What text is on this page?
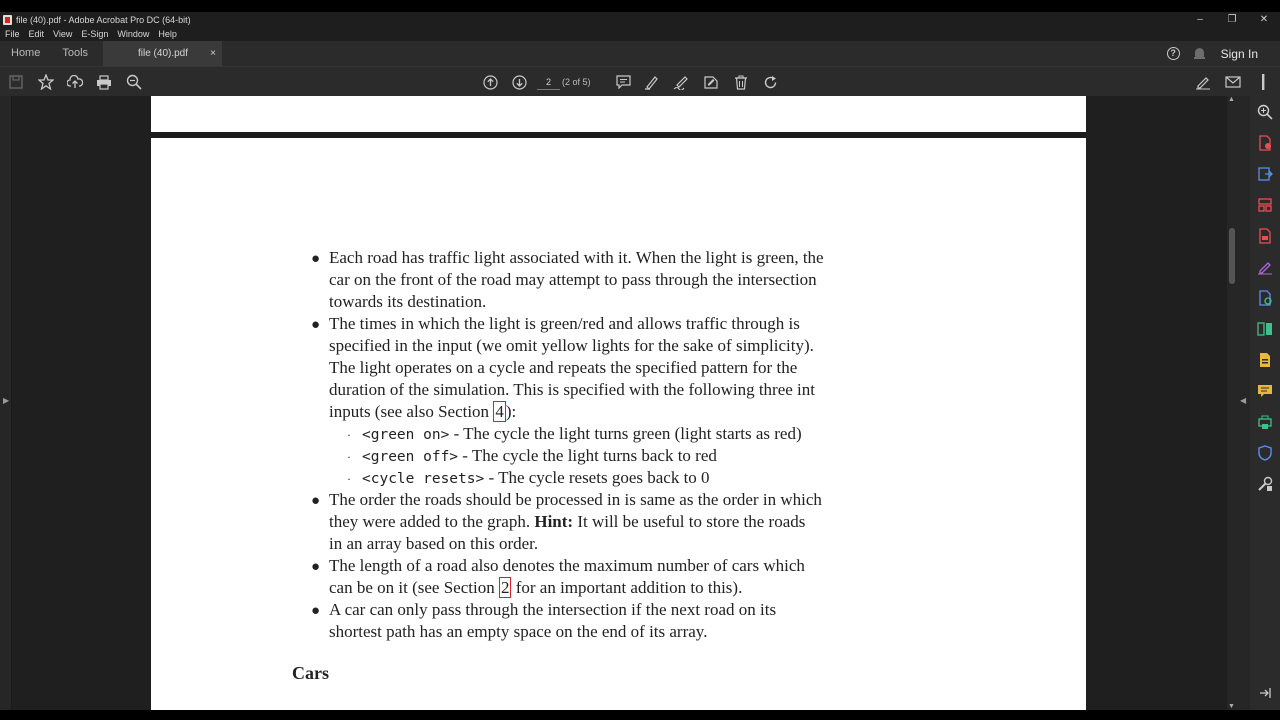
file (40).pdf - Adobe Acrobat Pro DC (64-bit)	–	❐	✕
File Edit View E-Sign Window Help
Home	Tools	file (40).pdf ×	?	Sign In
2	(2 of 5)
▶
● Each road has traffic light associated with it. When the light is green, the
car on the front of the road may attempt to pass through the intersection
towards its destination.
● The times in which the light is green/red and allows traffic through is
specified in the input (we omit yellow lights for the sake of simplicity).
The light operates on a cycle and repeats the specified pattern for the
duration of the simulation. This is specified with the following three int
inputs (see also Section 4 ):
· <green on> - The cycle the light turns green (light starts as red)
· <green off> - The cycle the light turns back to red
· <cycle resets> - The cycle resets goes back to 0
● The order the roads should be processed in is same as the order in which
they were added to the graph. Hint: It will be useful to store the roads
in an array based on this order.
● The length of a road also denotes the maximum number of cars which
can be on it (see Section 2 for an important addition to this).
● A car can only pass through the intersection if the next road on its
shortest path has an empty space on the end of its array.
Cars
▲
▼
◀
